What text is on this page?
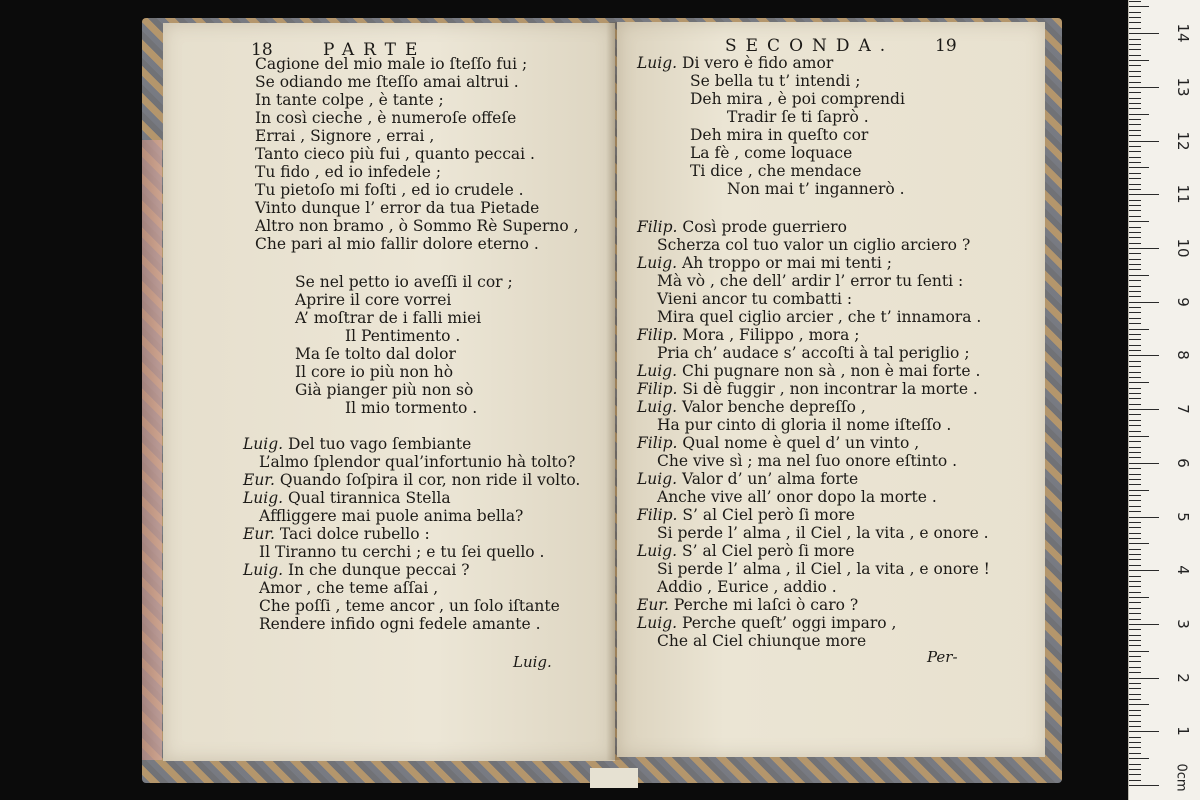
18	PARTE
Cagione del mio male io ſteſſo fui ;
Se odiando me ſteſſo amai altrui .
In tante colpe , è tante ;
In così cieche , è numeroſe offeſe
Errai , Signore , errai ,
Tanto cieco più fui , quanto peccai .
Tu fido , ed io infedele ;
Tu pietoſo mi foſti , ed io crudele .
Vinto dunque l’ error da tua Pietade
Altro non bramo , ò Sommo Rè Superno ,
Che pari al mio fallir dolore eterno .
Se nel petto io aveſſi il cor ;
Aprire il core vorrei
A’ moſtrar de i falli miei
Il Pentimento .
Ma ſe tolto dal dolor
Il core io più non hò
Già pianger più non sò
Il mio tormento .
Luig. Del tuo vago ſembiante
L’almo ſplendor qual’infortunio hà tolto?
Eur. Quando ſoſpira il cor, non ride il volto.
Luig. Qual tirannica Stella
Affliggere mai puole anima bella?
Eur. Taci dolce rubello :
Il Tiranno tu cerchi ; e tu ſei quello .
Luig. In che dunque peccai ?
Amor , che teme aſſai ,
Che poſſi , teme ancor , un ſolo iſtante
Rendere infido ogni fedele amante .
Luig.
SECONDA. 19
Luig. Di vero è fido amor
Se bella tu t’ intendi ;
Deh mira , è poi comprendi
Tradir ſe ti ſaprò .
Deh mira in queſto cor
La fè , come loquace
Ti dice , che mendace
Non mai t’ ingannerò .
Filip. Così prode guerriero
Scherza col tuo valor un ciglio arciero ?
Luig. Ah troppo or mai mi tenti ;
Mà vò , che dell’ ardir l’ error tu ſenti :
Vieni ancor tu combatti :
Mira quel ciglio arcier , che t’ innamora .
Filip. Mora , Filippo , mora ;
Pria ch’ audace s’ accoſti à tal periglio ;
Luig. Chi pugnare non sà , non è mai forte .
Filip. Si dè fuggir , non incontrar la morte .
Luig. Valor benche depreſſo ,
Ha pur cinto di gloria il nome iſteſſo .
Filip. Qual nome è quel d’ un vinto ,
Che vive sì ; ma nel ſuo onore eſtinto .
Luig. Valor d’ un’ alma forte
Anche vive all’ onor dopo la morte .
Filip. S’ al Ciel però ſi more
Si perde l’ alma , il Ciel , la vita , e onore .
Luig. S’ al Ciel però ſi more
Si perde l’ alma , il Ciel , la vita , e onore !
Addio , Eurice , addio .
Eur. Perche mi laſci ò caro ?
Luig. Perche queſt’ oggi imparo ,
Che al Ciel chiunque more
Per-
1
2
3
4
5
6
7
8
9
10
11
12
13
14
0cm
